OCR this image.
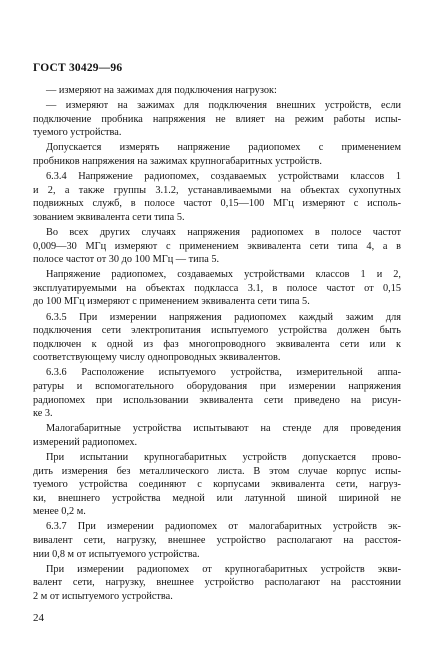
ГОСТ 30429—96
— измеряют на зажимах для подключения нагрузок:
— измеряют на зажимах для подключения внешних устройств, если
подключение пробника напряжения не влияет на режим работы испы-
туемого устройства.
Допускается измерять напряжение радиопомех с применением
пробников напряжения на зажимах крупногабаритных устройств.
6.3.4 Напряжение радиопомех, создаваемых устройствами классов 1
и 2, а также группы 3.1.2, устанавливаемыми на объектах сухопутных
подвижных служб, в полосе частот 0,15—100 МГц измеряют с исполь-
зованием эквивалента сети типа 5.
Во всех других случаях напряжения радиопомех в полосе частот
0,009—30 МГц измеряют с применением эквивалента сети типа 4, а в
полосе частот от 30 до 100 МГц — типа 5.
Напряжение радиопомех, создаваемых устройствами классов 1 и 2,
эксплуатируемыми на объектах подкласса 3.1, в полосе частот от 0,15
до 100 МГц измеряют с применением эквивалента сети типа 5.
6.3.5 При измерении напряжения радиопомех каждый зажим для
подключения сети электропитания испытуемого устройства должен быть
подключен к одной из фаз многопроводного эквивалента сети или к
соответствующему числу однопроводных эквивалентов.
6.3.6 Расположение испытуемого устройства, измерительной аппа-
ратуры и вспомогательного оборудования при измерении напряжения
радиопомех при использовании эквивалента сети приведено на рисун-
ке 3.
Малогабаритные устройства испытывают на стенде для проведения
измерений радиопомех.
При испытании крупногабаритных устройств допускается прово-
дить измерения без металлического листа. В этом случае корпус испы-
туемого устройства соединяют с корпусами эквивалента сети, нагруз-
ки, внешнего устройства медной или латунной шиной шириной не
менее 0,2 м.
6.3.7 При измерении радиопомех от малогабаритных устройств эк-
вивалент сети, нагрузку, внешнее устройство располагают на расстоя-
нии 0,8 м от испытуемого устройства.
При измерении радиопомех от крупногабаритных устройств экви-
валент сети, нагрузку, внешнее устройство располагают на расстоянии
2 м от испытуемого устройства.
24
